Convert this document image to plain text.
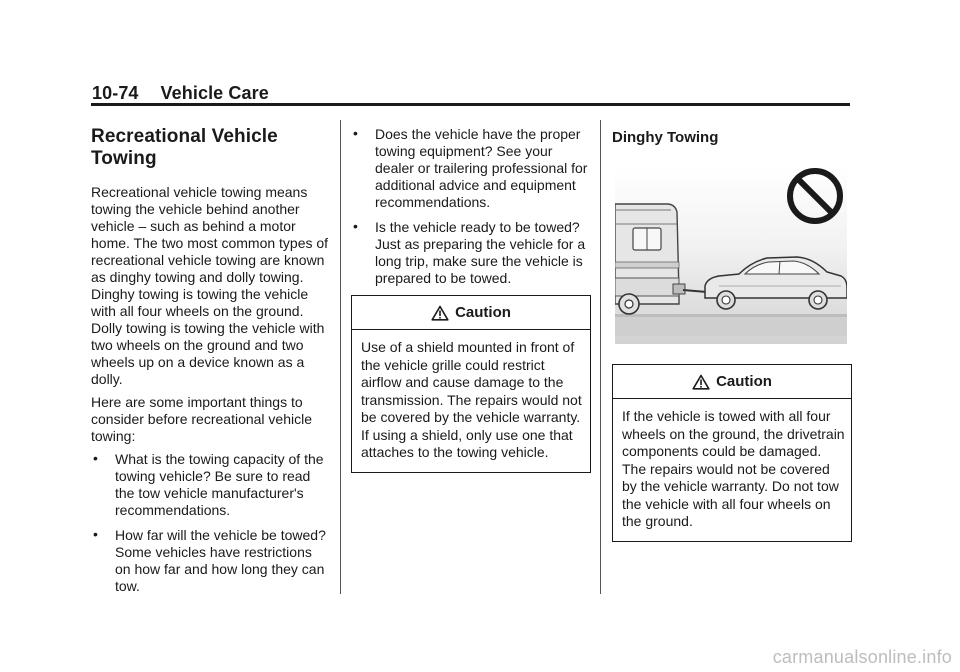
10-74 Vehicle Care
Recreational Vehicle Towing

Recreational vehicle towing means towing the vehicle behind another vehicle – such as behind a motor home. The two most common types of recreational vehicle towing are known as dinghy towing and dolly towing. Dinghy towing is towing the vehicle with all four wheels on the ground. Dolly towing is towing the vehicle with two wheels on the ground and two wheels up on a device known as a dolly.

Here are some important things to consider before recreational vehicle towing:

• What is the towing capacity of the towing vehicle? Be sure to read the tow vehicle manufacturer's recommendations.
• How far will the vehicle be towed? Some vehicles have restrictions on how far and how long they can tow.
• Does the vehicle have the proper towing equipment? See your dealer or trailering professional for additional advice and equipment recommendations.
• Is the vehicle ready to be towed? Just as preparing the vehicle for a long trip, make sure the vehicle is prepared to be towed.
Caution
Use of a shield mounted in front of the vehicle grille could restrict airflow and cause damage to the transmission. The repairs would not be covered by the vehicle warranty. If using a shield, only use one that attaches to the towing vehicle.
Dinghy Towing
Caution
If the vehicle is towed with all four wheels on the ground, the drivetrain components could be damaged. The repairs would not be covered by the vehicle warranty. Do not tow the vehicle with all four wheels on the ground.
carmanualsonline.info
